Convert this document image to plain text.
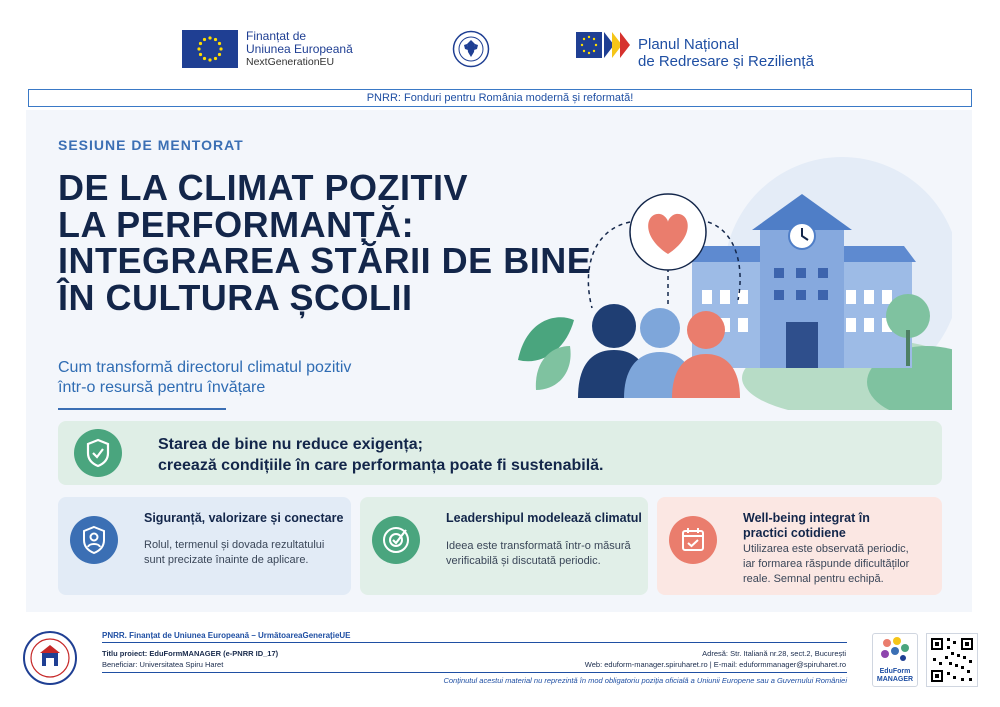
Finanțat de
Uniunea Europeană
NextGenerationEU
Planul Național
de Redresare și Reziliență
PNRR: Fonduri pentru România modernă și reformată!
SESIUNE DE MENTORAT
DE LA CLIMAT POZITIV
LA PERFORMANȚĂ:
INTEGRAREA STĂRII DE BINE
ÎN CULTURA ȘCOLII
Cum transformă directorul climatul pozitiv
într-o resursă pentru învățare
Starea de bine nu reduce exigența;
creează condițiile în care performanța poate fi sustenabilă.
Siguranță, valorizare și conectare
Rolul, termenul și dovada rezultatului
sunt precizate înainte de aplicare.
Leadershipul modelează climatul
Ideea este transformată într-o măsură
verificabilă și discutată periodic.
Well-being integrat în
practici cotidiene
Utilizarea este observată periodic,
iar formarea răspunde dificultăților
reale. Semnal pentru echipă.
PNRR. Finanțat de Uniunea Europeană – UrmătoareaGenerațieUE
Titlu proiect: EduFormMANAGER (e-PNRR ID_17)
Beneficiar: Universitatea Spiru Haret
Adresă: Str. Italiană nr.28, sect.2, București
Web: eduform-manager.spiruharet.ro | E-mail: eduformmanager@spiruharet.ro
Conținutul acestui material nu reprezintă în mod obligatoriu poziția oficială a Uniunii Europene sau a Guvernului României
EduForm
MANAGER
